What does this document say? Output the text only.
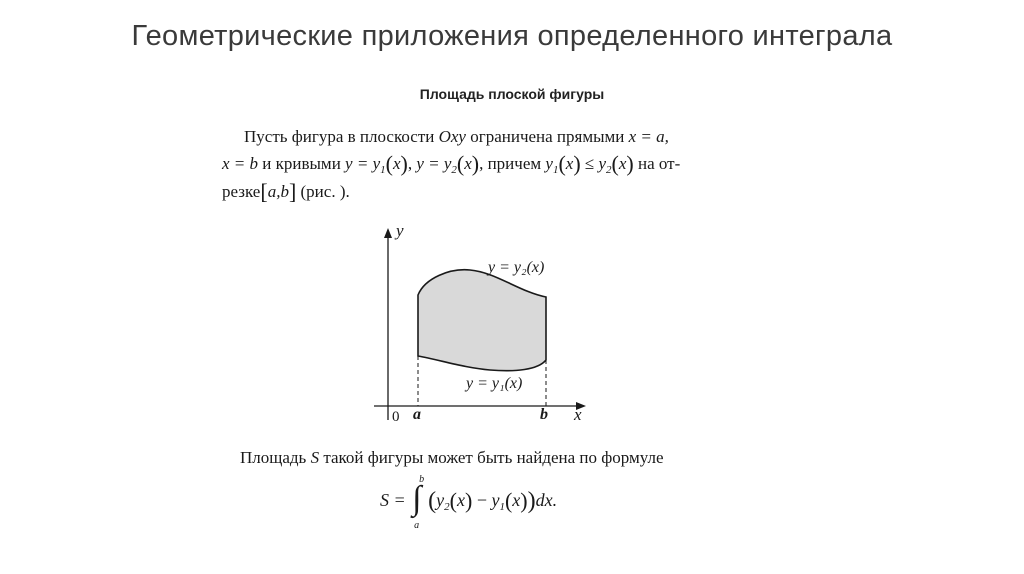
Геометрические приложения определенного интеграла
Площадь плоской фигуры
Пусть фигура в плоскости Oxy ограничена прямыми x = a,
x = b и кривыми $y = y_1(x)$, $y = y_2(x)$, причем $y_1(x) \le y_2(x)$ на от-
резке[a,b] (рис. ).
y
x
0 a	b
y = y₂(x)
y = y₁(x)
Площадь S такой фигуры может быть найдена по формуле
S =
b
∫
a
$(y_2(x) - y_1(x))dx$.
